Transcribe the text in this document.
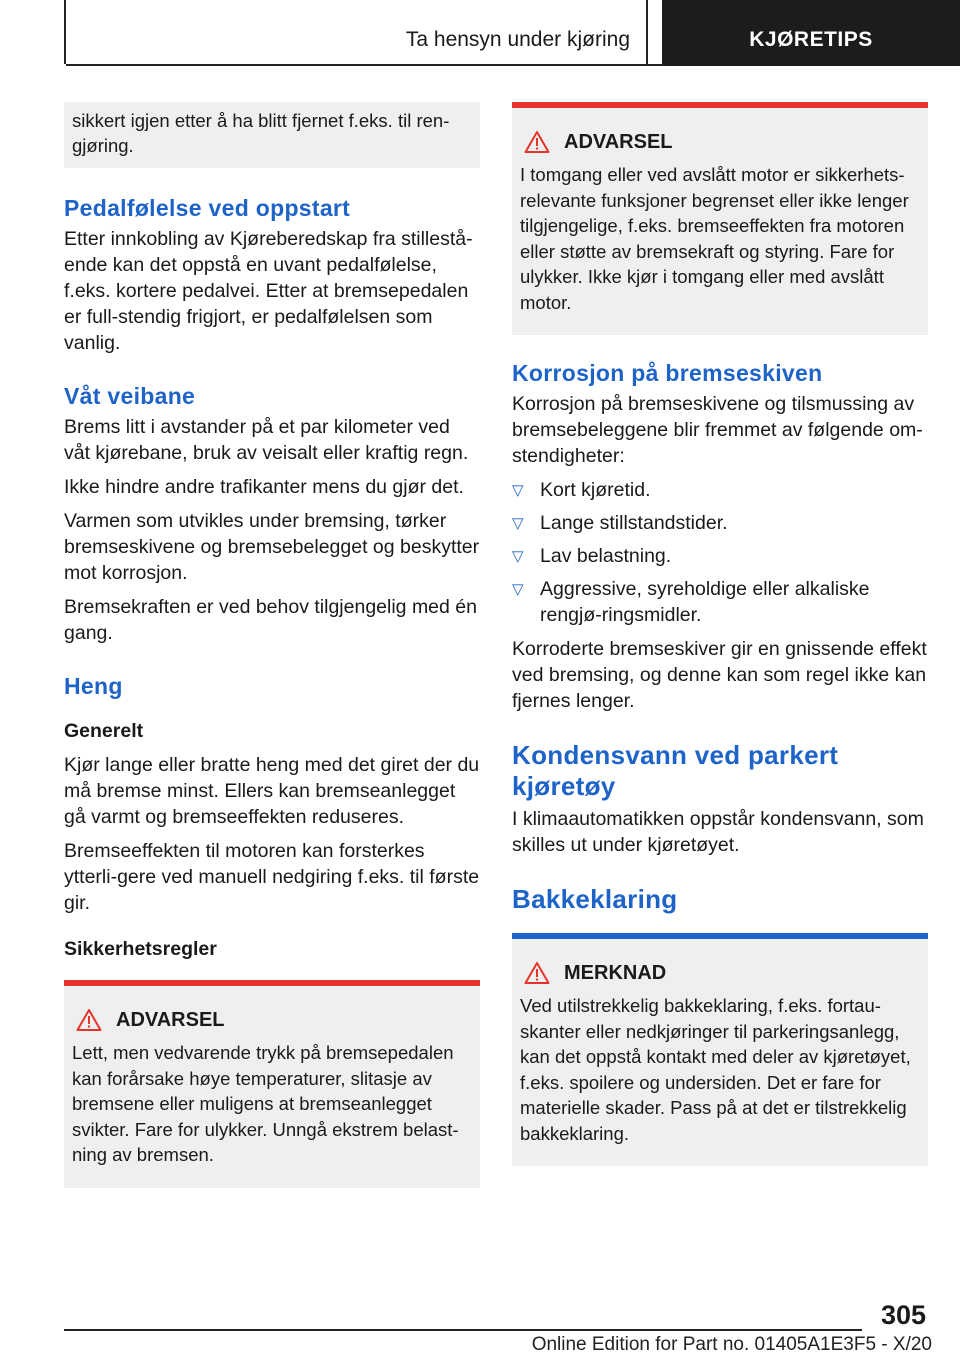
Ta hensyn under kjøring	KJØRETIPS

sikkert igjen etter å ha blitt fjernet f.eks. til ren-gjøring.

Pedalfølelse ved oppstart

Etter innkobling av Kjøreberedskap fra stillestå-ende kan det oppstå en uvant pedalfølelse, f.eks. kortere pedalvei. Etter at bremsepedalen er full-stendig frigjort, er pedalfølelsen som vanlig.

Våt veibane

Brems litt i avstander på et par kilometer ved våt kjørebane, bruk av veisalt eller kraftig regn.

Ikke hindre andre trafikanter mens du gjør det.

Varmen som utvikles under bremsing, tørker bremseskivene og bremsebelegget og beskytter mot korrosjon.

Bremsekraften er ved behov tilgjengelig med én gang.

Heng
Generelt

Kjør lange eller bratte heng med det giret der du må bremse minst. Ellers kan bremseanlegget gå varmt og bremseeffekten reduseres.

Bremseeffekten til motoren kan forsterkes ytterli-gere ved manuell nedgiring f.eks. til første gir.

Sikkerhetsregler
ADVARSEL

Lett, men vedvarende trykk på bremsepedalen kan forårsake høye temperaturer, slitasje av bremsene eller muligens at bremseanlegget svikter. Fare for ulykker. Unngå ekstrem belast-ning av bremsen.

ADVARSEL

I tomgang eller ved avslått motor er sikkerhets-relevante funksjoner begrenset eller ikke lenger tilgjengelige, f.eks. bremseeffekten fra motoren eller støtte av bremsekraft og styring. Fare for ulykker. Ikke kjør i tomgang eller med avslått motor.

Korrosjon på bremseskiven

Korrosjon på bremseskivene og tilsmussing av bremsebeleggene blir fremmet av følgende om-stendigheter:

▽ Kort kjøretid.
▽ Lange stillstandstider.
▽ Lav belastning.
▽ Aggressive, syreholdige eller alkaliske rengjø-ringsmidler.

Korroderte bremseskiver gir en gnissende effekt ved bremsing, og denne kan som regel ikke kan fjernes lenger.

Kondensvann ved parkert kjøretøy

I klimaautomatikken oppstår kondensvann, som skilles ut under kjøretøyet.

Bakkeklaring
MERKNAD

Ved utilstrekkelig bakkeklaring, f.eks. fortau-skanter eller nedkjøringer til parkeringsanlegg, kan det oppstå kontakt med deler av kjøretøyet, f.eks. spoilere og undersiden. Det er fare for materielle skader. Pass på at det er tilstrekkelig bakkeklaring.

305
Online Edition for Part no. 01405A1E3F5 - X/20
